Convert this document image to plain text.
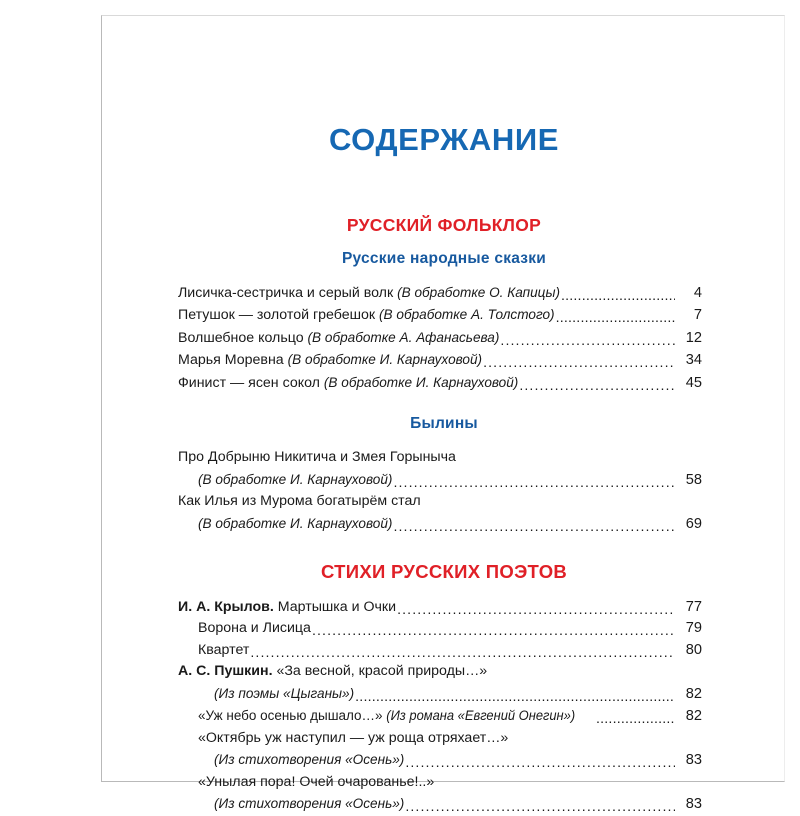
СОДЕРЖАНИЕ
РУССКИЙ ФОЛЬКЛОР
Русские народные сказки
Лисичка-сестричка и серый волк (В обработке О. Капицы) .....	4
Петушок — золотой гребешок (В обработке А. Толстого) .....	7
Волшебное кольцо (В обработке А. Афанасьева) .....	12
Марья Моревна (В обработке И. Карнауховой) .....	34
Финист — ясен сокол (В обработке И. Карнауховой) .....	45
Былины
Про Добрыню Никитича и Змея Горыныча
(В обработке И. Карнауховой) .....	58
Как Илья из Мурома богатырём стал
(В обработке И. Карнауховой) .....	69
СТИХИ РУССКИХ ПОЭТОВ
И. А. Крылов. Мартышка и Очки .....	77
Ворона и Лисица .....	79
Квартет .....	80
А. С. Пушкин. «За весной, красой природы…»
(Из поэмы «Цыганы») .....	82
«Уж небо осенью дышало…» (Из романа «Евгений Онегин») .....	82
«Октябрь уж наступил — уж роща отряхает…»
(Из стихотворения «Осень») .....	83
«Унылая пора! Очей очарованье!..»
(Из стихотворения «Осень») .....	83
